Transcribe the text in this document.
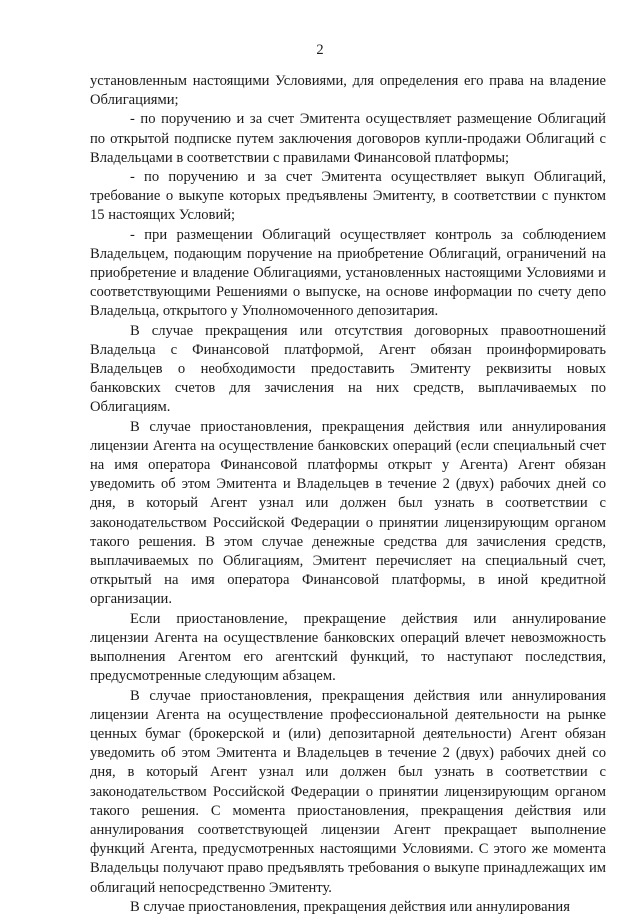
2

установленным настоящими Условиями, для определения его права на владение Облигациями;

- по поручению и за счет Эмитента осуществляет размещение Облигаций по открытой подписке путем заключения договоров купли-продажи Облигаций с Владельцами в соответствии с правилами Финансовой платформы;

- по поручению и за счет Эмитента осуществляет выкуп Облигаций, требование о выкупе которых предъявлены Эмитенту, в соответствии с пунктом 15 настоящих Условий;

- при размещении Облигаций осуществляет контроль за соблюдением Владельцем, подающим поручение на приобретение Облигаций, ограничений на приобретение и владение Облигациями, установленных настоящими Условиями и соответствующими Решениями о выпуске, на основе информации по счету депо Владельца, открытого у Уполномоченного депозитария.

В случае прекращения или отсутствия договорных правоотношений Владельца с Финансовой платформой, Агент обязан проинформировать Владельцев о необходимости предоставить Эмитенту реквизиты новых банковских счетов для зачисления на них средств, выплачиваемых по Облигациям.

В случае приостановления, прекращения действия или аннулирования лицензии Агента на осуществление банковских операций (если специальный счет на имя оператора Финансовой платформы открыт у Агента) Агент обязан уведомить об этом Эмитента и Владельцев в течение 2 (двух) рабочих дней со дня, в который Агент узнал или должен был узнать в соответствии с законодательством Российской Федерации о принятии лицензирующим органом такого решения. В этом случае денежные средства для зачисления средств, выплачиваемых по Облигациям, Эмитент перечисляет на специальный счет, открытый на имя оператора Финансовой платформы, в иной кредитной организации.

Если приостановление, прекращение действия или аннулирование лицензии Агента на осуществление банковских операций влечет невозможность выполнения Агентом его агентский функций, то наступают последствия, предусмотренные следующим абзацем.

В случае приостановления, прекращения действия или аннулирования лицензии Агента на осуществление профессиональной деятельности на рынке ценных бумаг (брокерской и (или) депозитарной деятельности) Агент обязан уведомить об этом Эмитента и Владельцев в течение 2 (двух) рабочих дней со дня, в который Агент узнал или должен был узнать в соответствии с законодательством Российской Федерации о принятии лицензирующим органом такого решения. С момента приостановления, прекращения действия или аннулирования соответствующей лицензии Агент прекращает выполнение функций Агента, предусмотренных настоящими Условиями. С этого же момента Владельцы получают право предъявлять требования о выкупе принадлежащих им облигаций непосредственно Эмитенту.

В случае приостановления, прекращения действия или аннулирования
